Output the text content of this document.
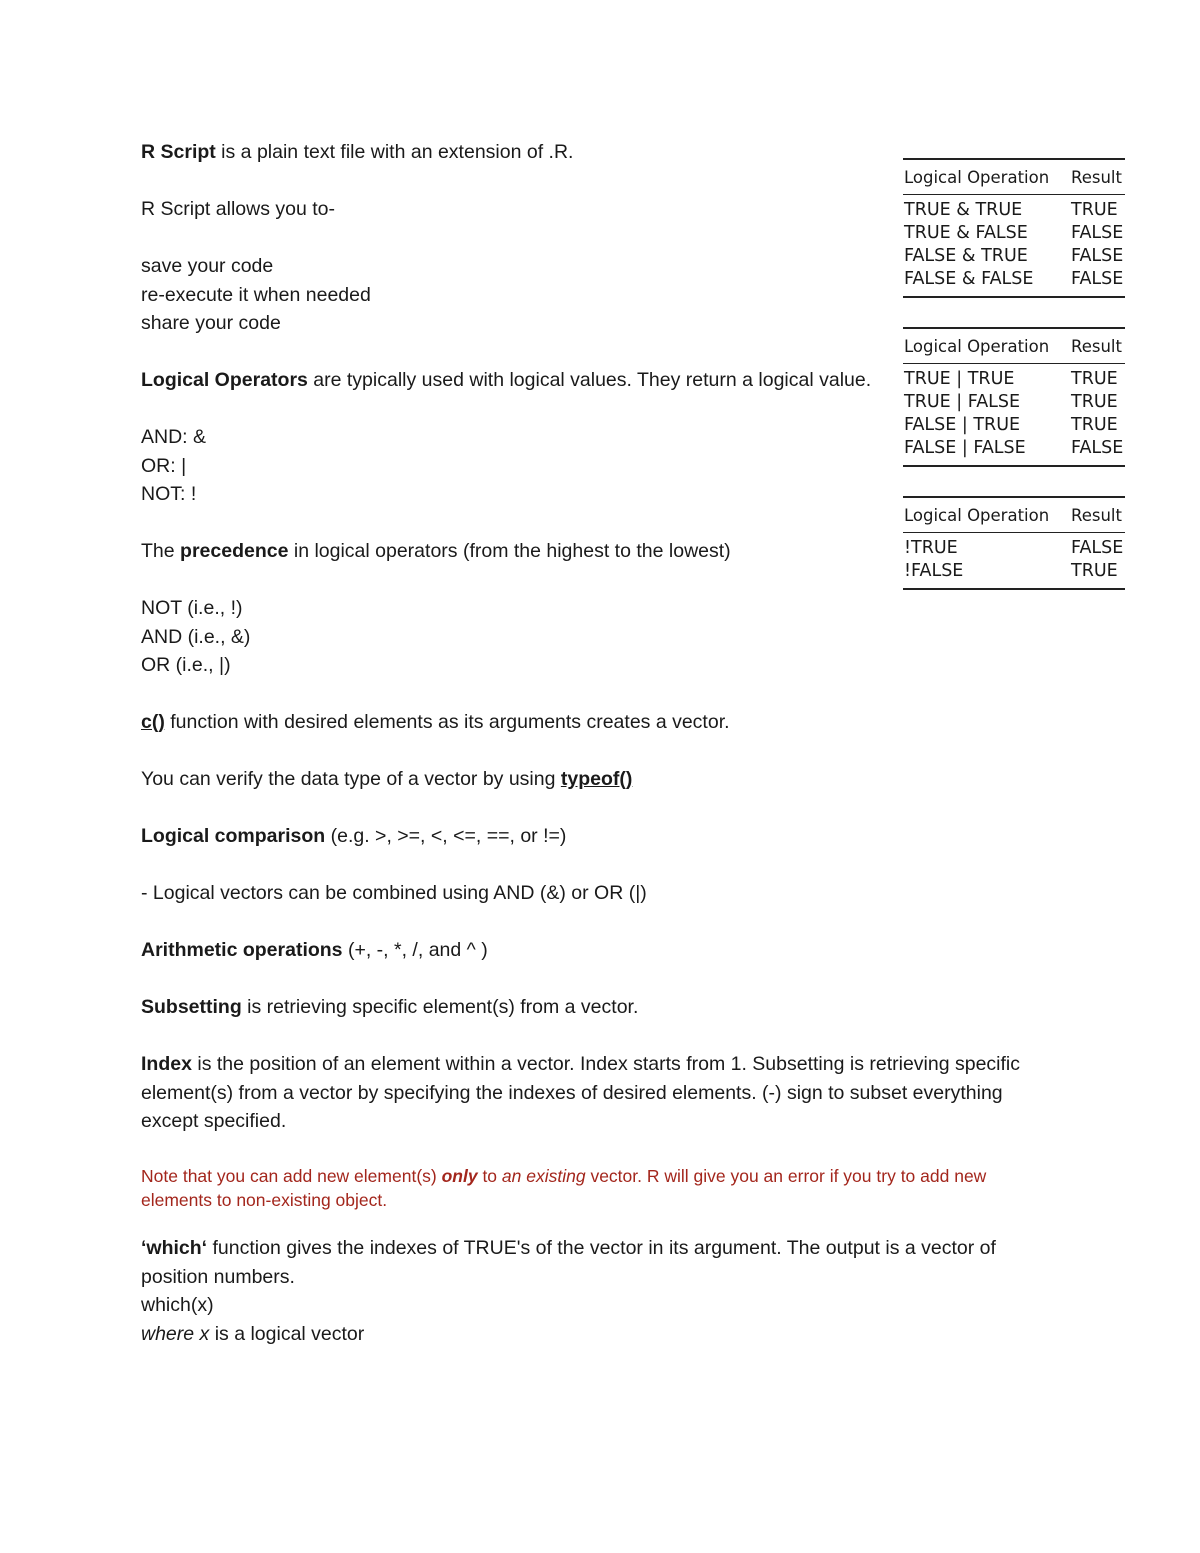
R Script is a plain text file with an extension of .R.

R Script allows you to-

save your code
re-execute it when needed
share your code

Logical Operators are typically used with logical values. They return a logical value.

AND: &
OR: |
NOT: !

The precedence in logical operators (from the highest to the lowest)

NOT (i.e., !)
AND (i.e., &)
OR (i.e., |)

c() function with desired elements as its arguments creates a vector.

You can verify the data type of a vector by using typeof()

Logical comparison (e.g. >, >=, <, <=, ==, or !=)

- Logical vectors can be combined using AND (&) or OR (|)

Arithmetic operations (+, -, *, /, and ^ )

Subsetting is retrieving specific element(s) from a vector.

Index is the position of an element within a vector. Index starts from 1. Subsetting is retrieving specific element(s) from a vector by specifying the indexes of desired elements. (-) sign to subset everything except specified.

Note that you can add new element(s) only to an existing vector. R will give you an error if you try to add new elements to non-existing object.

‘which‘ function gives the indexes of TRUE's of the vector in its argument. The output is a vector of position numbers.
which(x)
where x is a logical vector

Logical Operation	Result
TRUE & TRUE	TRUE
TRUE & FALSE	FALSE
FALSE & TRUE	FALSE
FALSE & FALSE	FALSE
Logical Operation	Result
TRUE | TRUE	TRUE
TRUE | FALSE	TRUE
FALSE | TRUE	TRUE
FALSE | FALSE	FALSE
Logical Operation	Result
!TRUE	FALSE
!FALSE	TRUE
